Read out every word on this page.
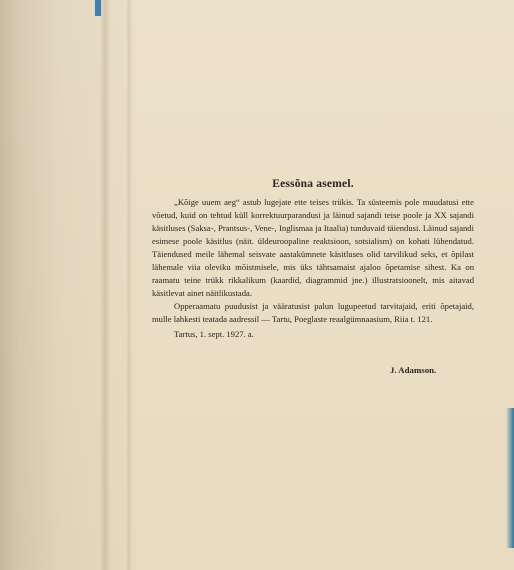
Eessõna asemel.

„Kõige uuem aeg“ astub lugejate ette teises trükis. Ta süsteemis pole muudatusi ette võetud, kuid on tehtud küll korrektuurparandusi ja läinud sajandi teise poole ja XX sajandi käsitluses (Saksa-, Prantsus-, Vene-, Inglismaa ja Itaalia) tunduvaid täiendusi. Läinud sajandi esimese poole käsitlus (näit. üldeuroopaline reaktsioon, sotsialism) on kohati lühendatud. Täiendused meile lähemal seisvate aastakümnete käsitluses olid tarvilikud seks, et õpilast lähemale viia oleviku mõistmisele, mis üks tähtsamaist ajaloo õpetamise sihest. Ka on raamatu teine trükk rikkalikum (kaardid, diagrammid jne.) illustratsioonelt, mis aitavad käsitlevat ainet näitlikustada.

Opperaamatu puudusist ja vääratusist palun lugupeetud tarvitajaid, eriti õpetajaid, mulle lahkesti teatada aadressil — Tartu, Poeglaste reaalgümnaasium, Riia t. 121.

Tartus, 1. sept. 1927. a.
J. Adamson.
